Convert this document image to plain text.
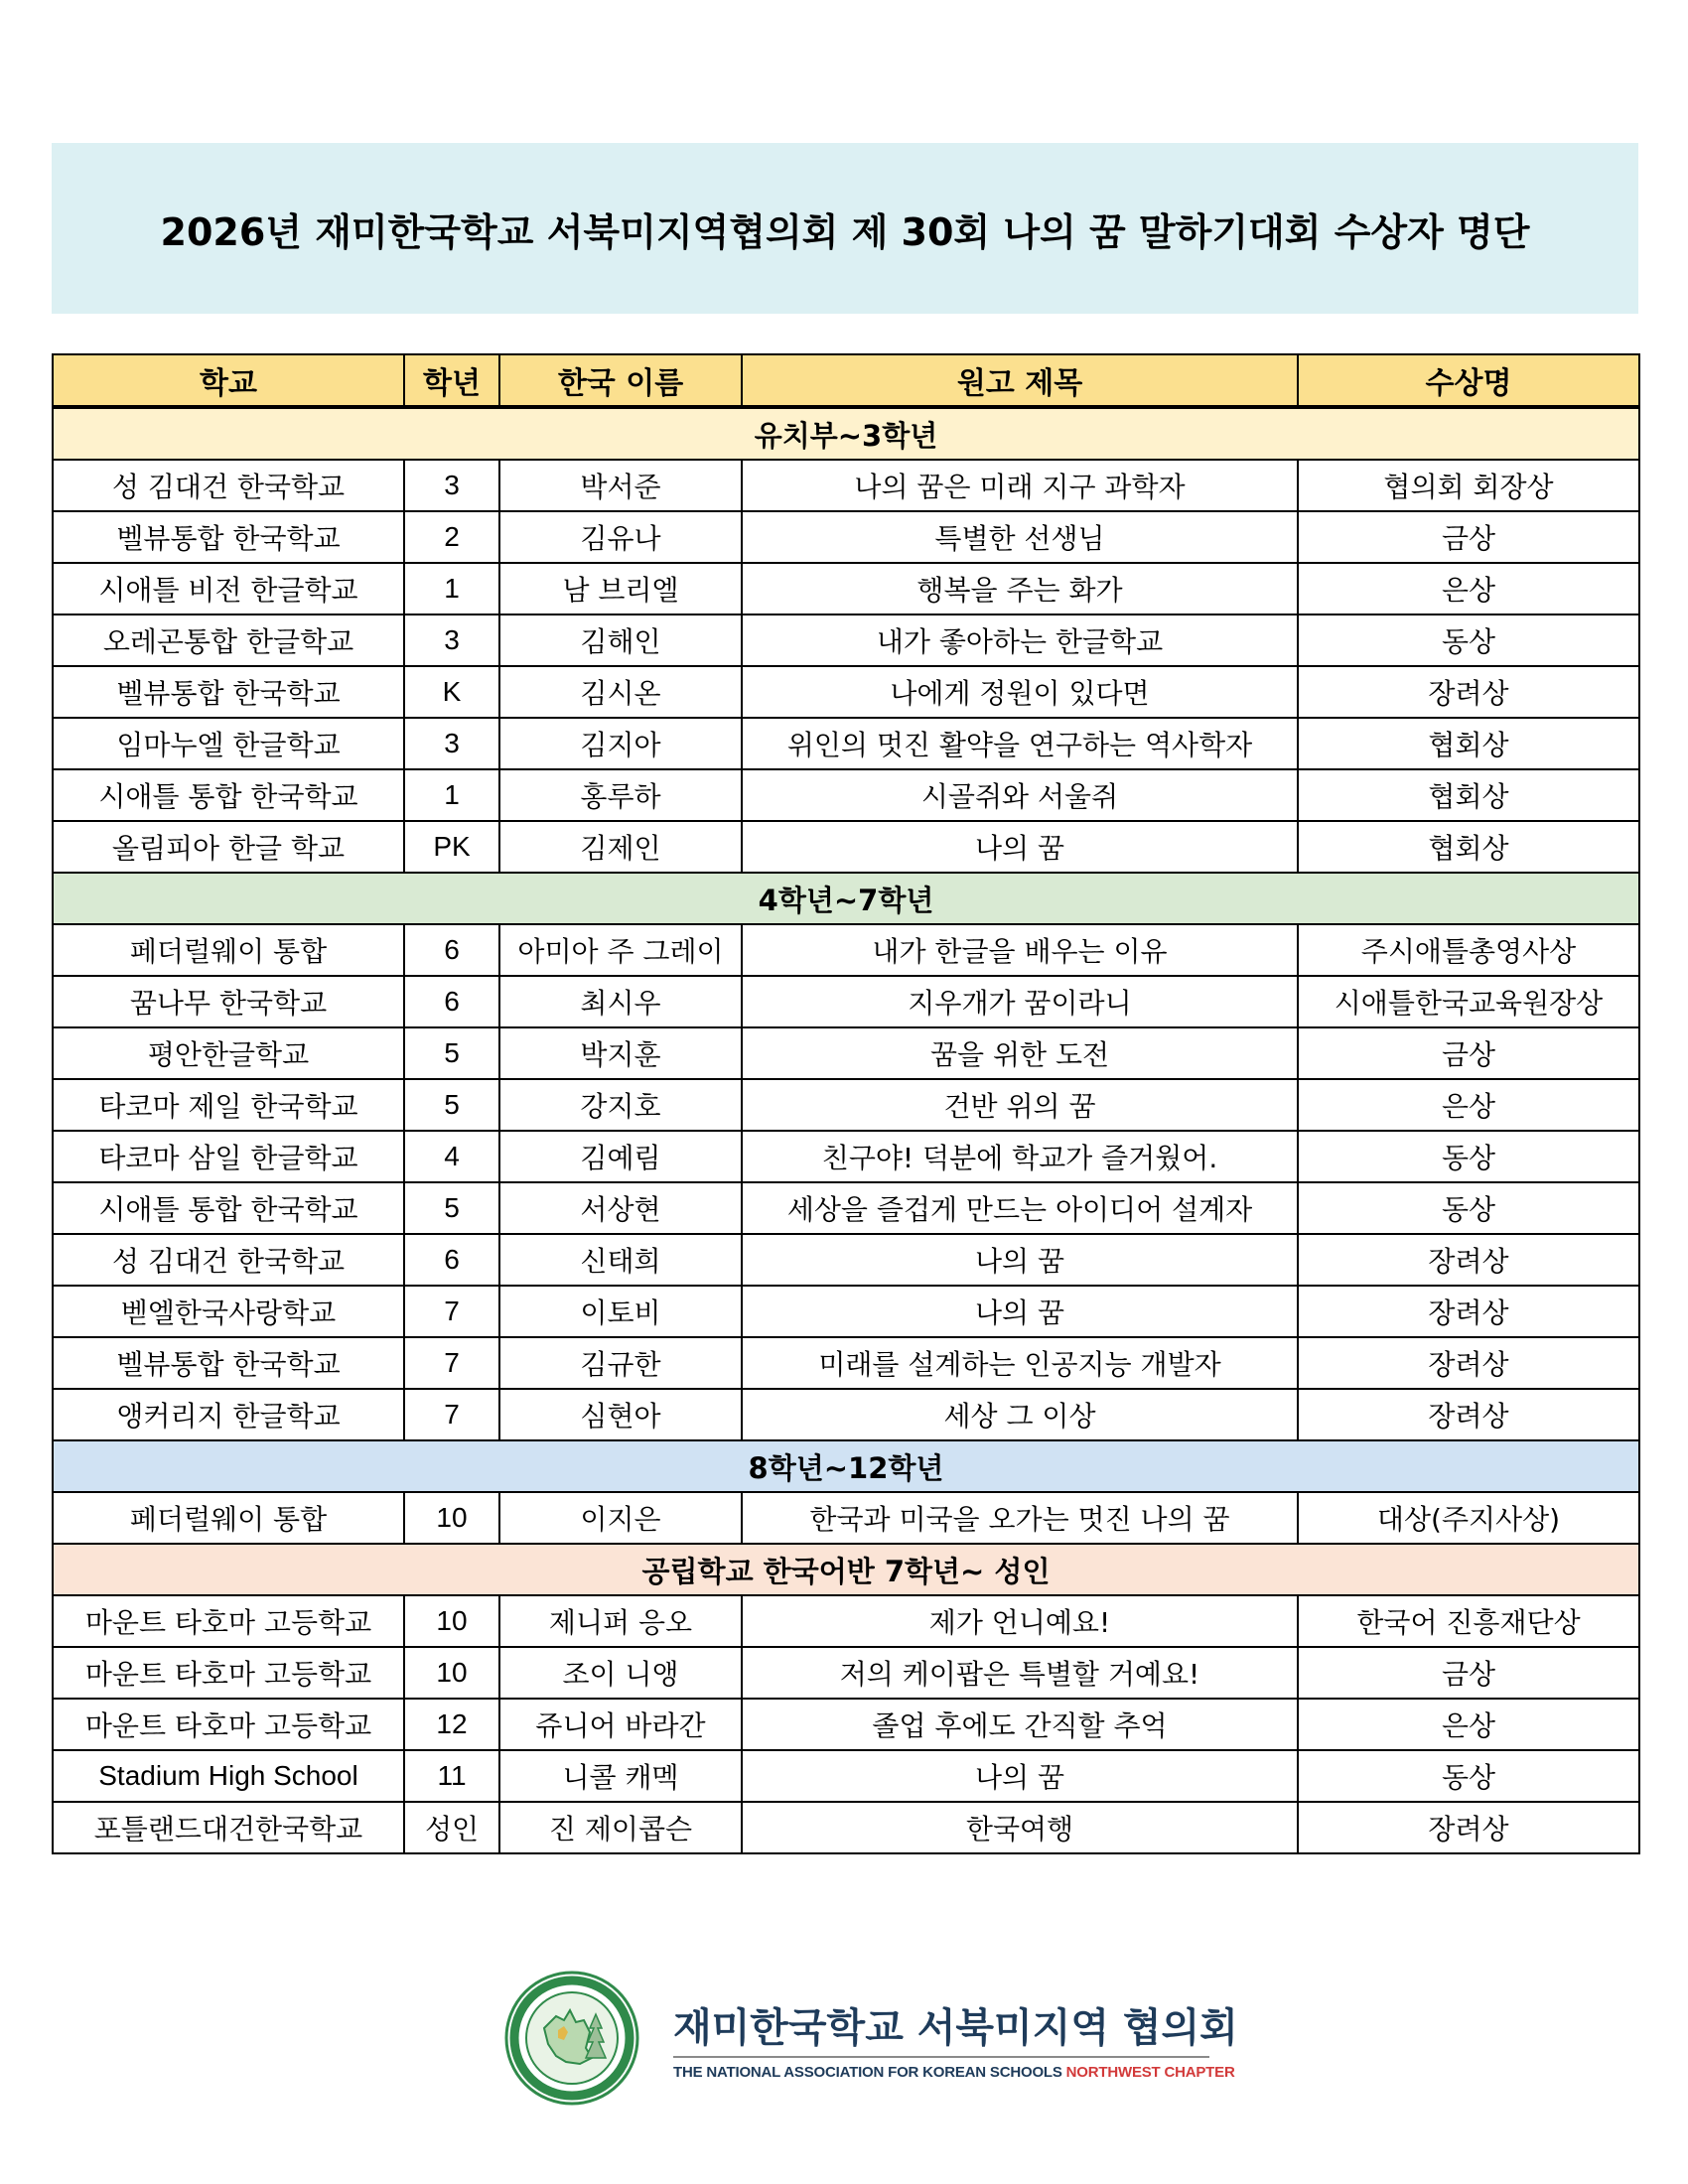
2026년 재미한국학교 서북미지역협의회 제 30회 나의 꿈 말하기대회 수상자 명단
학교	학년	한국 이름	원고 제목	수상명
유치부~3학년				
성 김대건 한국학교	3	박서준	나의 꿈은 미래 지구 과학자	협의회 회장상
벨뷰통합 한국학교	2	김유나	특별한 선생님	금상
시애틀 비전 한글학교	1	남 브리엘	행복을 주는 화가	은상
오레곤통합 한글학교	3	김해인	내가 좋아하는 한글학교	동상
벨뷰통합 한국학교	K	김시온	나에게 정원이 있다면	장려상
임마누엘 한글학교	3	김지아	위인의 멋진 활약을 연구하는 역사학자	협회상
시애틀 통합 한국학교	1	홍루하	시골쥐와 서울쥐	협회상
올림피아 한글 학교	PK	김제인	나의 꿈	협회상
4학년~7학년				
페더럴웨이 통합	6	아미아 주 그레이	내가 한글을 배우는 이유	주시애틀총영사상
꿈나무 한국학교	6	최시우	지우개가 꿈이라니	시애틀한국교육원장상
평안한글학교	5	박지훈	꿈을 위한 도전	금상
타코마 제일 한국학교	5	강지호	건반 위의 꿈	은상
타코마 삼일 한글학교	4	김예림	친구야! 덕분에 학교가 즐거웠어.	동상
시애틀 통합 한국학교	5	서상현	세상을 즐겁게 만드는 아이디어 설계자	동상
성 김대건 한국학교	6	신태희	나의 꿈	장려상
벧엘한국사랑학교	7	이토비	나의 꿈	장려상
벨뷰통합 한국학교	7	김규한	미래를 설계하는 인공지능 개발자	장려상
앵커리지 한글학교	7	심현아	세상 그 이상	장려상
8학년~12학년				
페더럴웨이 통합	10	이지은	한국과 미국을 오가는 멋진 나의 꿈	대상(주지사상)
공립학교 한국어반 7학년~ 성인				
마운트 타호마 고등학교	10	제니퍼 응오	제가 언니예요!	한국어 진흥재단상
마운트 타호마 고등학교	10	조이 니앵	저의 케이팝은 특별할 거예요!	금상
마운트 타호마 고등학교	12	쥬니어 바라간	졸업 후에도 간직할 추억	은상
Stadium High School	11	니콜 캐멕	나의 꿈	동상
포틀랜드대건한국학교	성인	진 제이콥슨	한국여행	장려상
재미한국학교 서북미지역 협의회
THE NATIONAL ASSOCIATION FOR KOREAN SCHOOLS NORTHWEST CHAPTER
